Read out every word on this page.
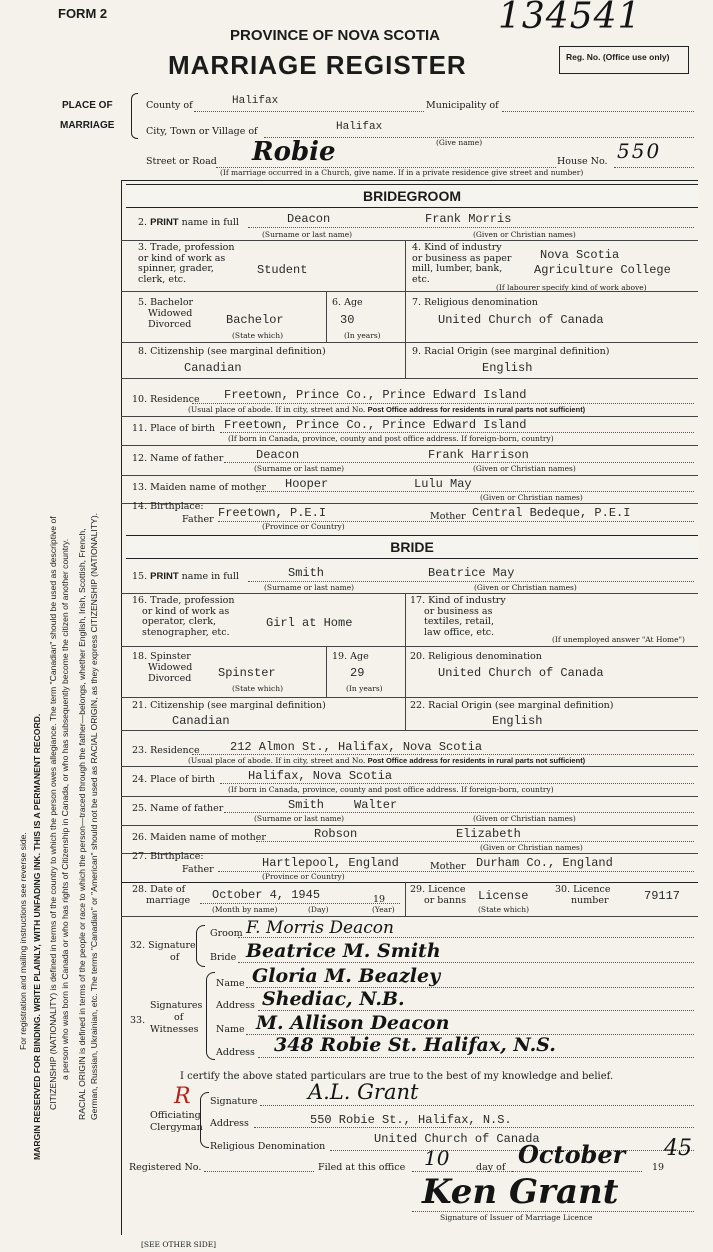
FORM 2	134541
PROVINCE OF NOVA SCOTIA
MARRIAGE REGISTER	Reg. No. (Office use only)
PLACE OF
MARRIAGE
County of	Halifax	Municipality of
City, Town or Village of	Halifax
(Give name)
Street or Road Robie	House No. 550
(If marriage occurred in a Church, give name. If in a private residence give street and number)
For registration and mailing instructions see reverse side. MARGIN RESERVED FOR BINDING. WRITE PLAINLY, WITH UNFADING INK. THIS IS A PERMANENT RECORD. CITIZENSHIP (NATIONALITY) is defined in terms of the country to which the person owes allegiance. The term "Canadian" should be used as descriptive of a person who was born in Canada or who has rights of Citizenship in Canada, or who has subsequently become the citizen of another country. RACIAL ORIGIN is defined in terms of the people or race to which the person—traced through the father—belongs, whether English, Irish, Scottish, French, German, Russian, Ukrainian, etc. The terms "Canadian" or "American" should not be used as RACIAL ORIGIN, as they express CITIZENSHIP (NATIONALITY).
BRIDEGROOM
2. PRINT name in full	Deacon	Frank Morris
(Surname or last name)	(Given or Christian names)
3. Trade, profession
or kind of work as
spinner, grader,
clerk, etc.
Student
4. Kind of industry
or business as paper
mill, lumber, bank,
etc.
Nova Scotia
Agriculture College
(If labourer specify kind of work above)
5. Bachelor
Widowed
Divorced	Bachelor
(State which)
6. Age
30
(In years)
7. Religious denomination
United Church of Canada
8. Citizenship (see marginal definition)
Canadian
9. Racial Origin (see marginal definition)
English
10. Residence Freetown, Prince Co., Prince Edward Island
(Usual place of abode. If in city, street and No. Post Office address for residents in rural parts not sufficient)
11. Place of birth Freetown, Prince Co., Prince Edward Island
(If born in Canada, province, county and post office address. If foreign-born, country)
12. Name of father	Deacon	Frank Harrison
(Surname or last name)	(Given or Christian names)
13. Maiden name of mother Hooper	Lulu May
(Given or Christian names)
14. Birthplace:
Father Freetown, P.E.I	Mother Central Bedeque, P.E.I
(Province or Country)
BRIDE
15. PRINT name in full	Smith	Beatrice May
(Surname or last name)	(Given or Christian names)
16. Trade, profession
or kind of work as
operator, clerk,
stenographer, etc.
Girl at Home
17. Kind of industry
or business as
textiles, retail,
law office, etc.
(If unemployed answer "At Home")
18. Spinster
Widowed
Divorced Spinster
(State which)
19. Age
29
(In years)
20. Religious denomination
United Church of Canada
21. Citizenship (see marginal definition)
Canadian
22. Racial Origin (see marginal definition)
English
23. Residence	212 Almon St., Halifax, Nova Scotia
(Usual place of abode. If in city, street and No. Post Office address for residents in rural parts not sufficient)
24. Place of birth	Halifax, Nova Scotia
(If born in Canada, province, county and post office address. If foreign-born, country)
25. Name of father	Smith Walter
(Surname or last name)	(Given or Christian names)
26. Maiden name of mother	Robson	Elizabeth
(Given or Christian names)
27. Birthplace:
Father	Hartlepool, England	Mother Durham Co., England
(Province or Country)
28. Date of
marriage October 4, 1945	19
(Month by name)	(Day)	(Year)
29. Licence
or banns License
(State which)
30. Licence
number	79117
32. Signature
of
Groom F. Morris Deacon
Bride Beatrice M. Smith
Signatures
of
Witnesses
33.
Name Gloria M. Beazley
Address Shediac, N.B.
Name M. Allison Deacon
Address 348 Robie St. Halifax, N.S.
I certify the above stated particulars are true to the best of my knowledge and belief.
R
Officiating
Clergyman
Signature A.L. Grant
Address	550 Robie St., Halifax, N.S.
Religious Denomination
United Church of Canada
Registered No.	Filed at this office 10	day of October	19
45
Ken Grant
Signature of Issuer of Marriage Licence
[SEE OTHER SIDE]
